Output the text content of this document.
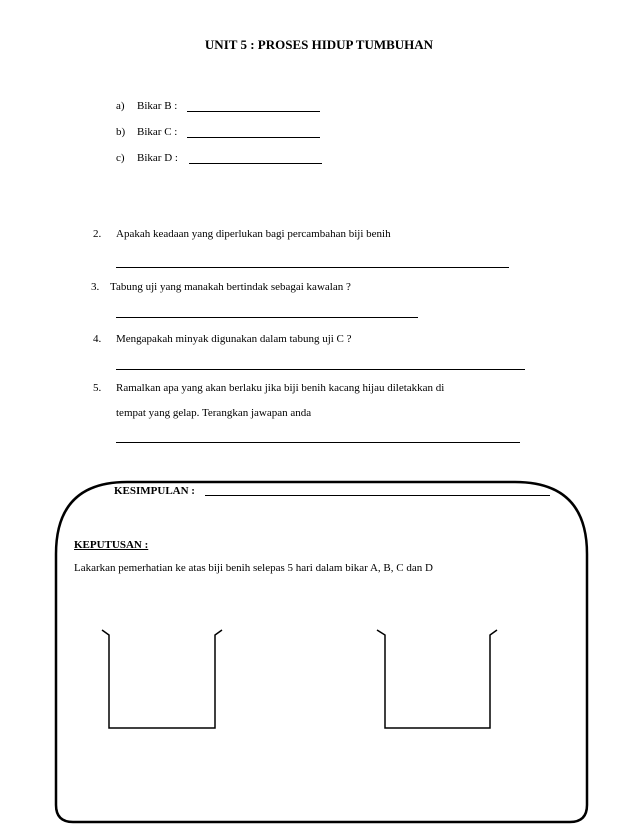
UNIT 5 : PROSES HIDUP TUMBUHAN
a) Bikar B :
b) Bikar C :
c) Bikar D :
2. Apakah keadaan yang diperlukan bagi percambahan biji benih
3. Tabung uji yang manakah bertindak sebagai kawalan ?
4. Mengapakah minyak digunakan dalam tabung uji C ?
5. Ramalkan apa yang akan berlaku jika biji benih kacang hijau diletakkan di
tempat yang gelap. Terangkan jawapan anda
KESIMPULAN :
KEPUTUSAN :
Lakarkan pemerhatian ke atas biji benih selepas 5 hari dalam bikar A, B, C dan D
